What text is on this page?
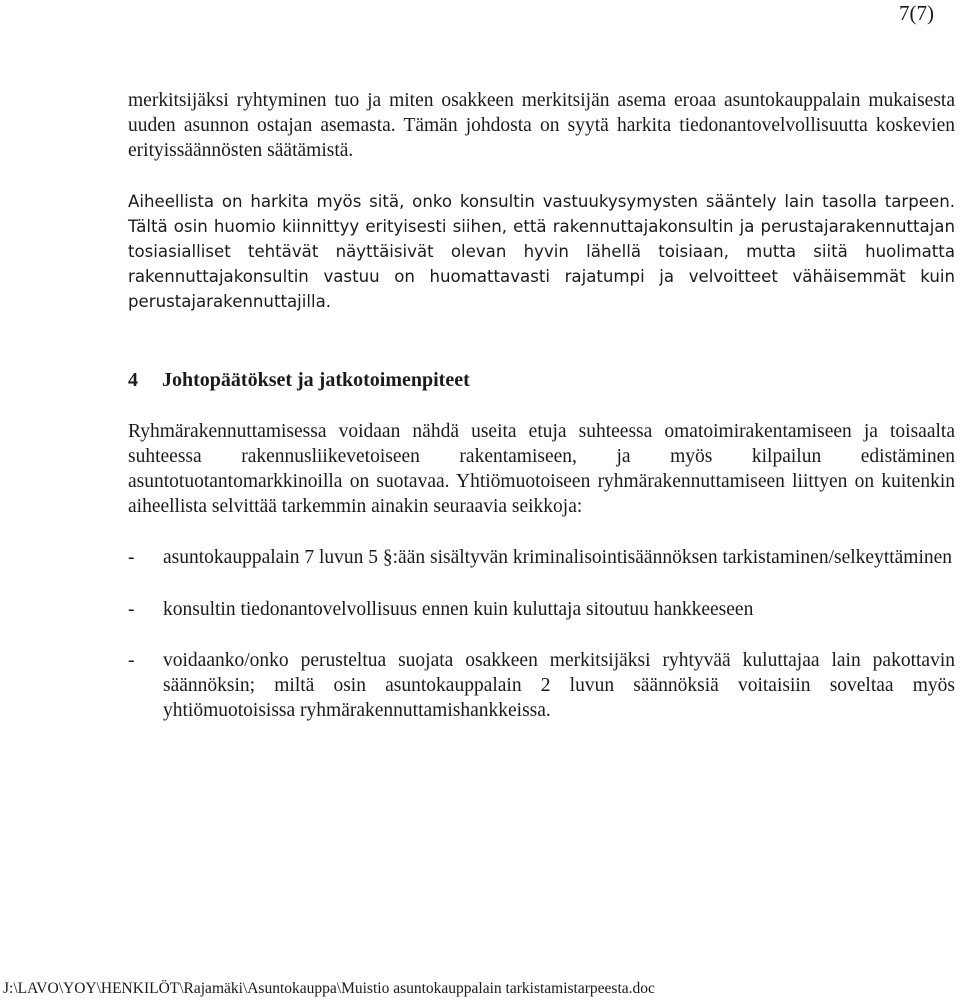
7(7)

merkitsijäksi ryhtyminen tuo ja miten osakkeen merkitsijän asema eroaa asuntokauppalain mukaisesta uuden asunnon ostajan asemasta. Tämän johdosta on syytä harkita tiedonantovelvollisuutta koskevien erityissäännösten säätämistä.

Aiheellista on harkita myös sitä, onko konsultin vastuukysymysten sääntely lain tasolla tarpeen. Tältä osin huomio kiinnittyy erityisesti siihen, että rakennuttajakonsultin ja perustajarakennuttajan tosiasialliset tehtävät näyttäisivät olevan hyvin lähellä toisiaan, mutta siitä huolimatta rakennuttajakonsultin vastuu on huomattavasti rajatumpi ja velvoitteet vähäisemmät kuin perustajarakennuttajilla.

4	Johtopäätökset ja jatkotoimenpiteet

Ryhmärakennuttamisessa voidaan nähdä useita etuja suhteessa omatoimirakentamiseen ja toisaalta suhteessa rakennusliikevetoiseen rakentamiseen, ja myös kilpailun edistäminen asuntotuotantomarkkinoilla on suotavaa. Yhtiömuotoiseen ryhmärakennuttamiseen liittyen on kuitenkin aiheellista selvittää tarkemmin ainakin seuraavia seikkoja:

-	asuntokauppalain 7 luvun 5 §:ään sisältyvän kriminalisointisäännöksen tarkistaminen/selkeyttäminen
-	konsultin tiedonantovelvollisuus ennen kuin kuluttaja sitoutuu hankkeeseen
-	voidaanko/onko perusteltua suojata osakkeen merkitsijäksi ryhtyvää kuluttajaa lain pakottavin säännöksin; miltä osin asuntokauppalain 2 luvun säännöksiä voitaisiin soveltaa myös yhtiömuotoisissa ryhmärakennuttamishankkeissa.
J:\LAVO\YOY\HENKILÖT\Rajamäki\Asuntokauppa\Muistio asuntokauppalain tarkistamistarpeesta.doc
